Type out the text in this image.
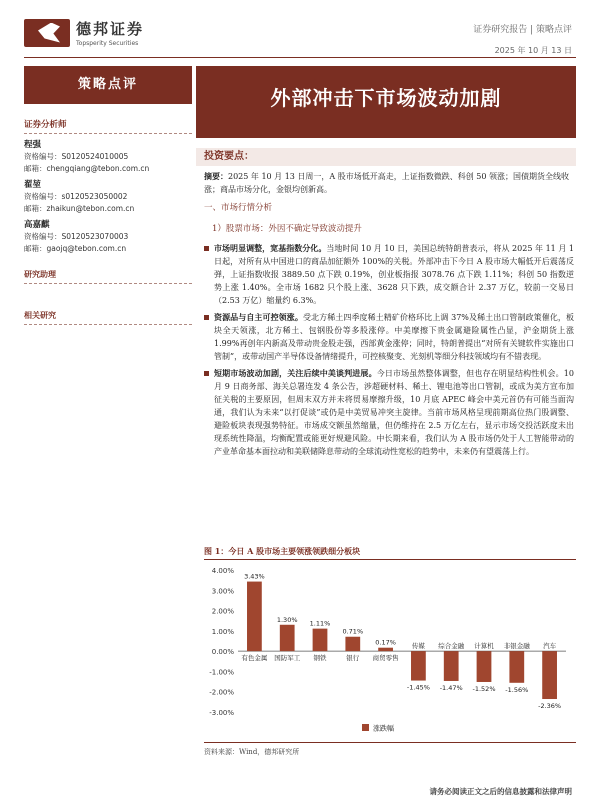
德邦证券
Topsperity Securities
证券研究报告 | 策略点评
2025 年 10 月 13 日
策略点评
外部冲击下市场波动加剧
证券分析师
程强
资格编号：S0120524010005
邮箱：chengqiang@tebon.com.cn
翟堃
资格编号：s0120523050002
邮箱：zhaikun@tebon.com.cn
高嘉麒
资格编号：S0120523070003
邮箱：gaojq@tebon.com.cn
研究助理
相关研究
投资要点：
摘要：2025 年 10 月 13 日周一，A 股市场低开高走，上证指数微跌、科创 50 领涨；国债期货全线收涨；商品市场分化，金银均创新高。
一、市场行情分析
1）股票市场：外因不确定导致波动提升
市场明显调整，宽基指数分化。当地时间 10 月 10 日，美国总统特朗普表示，将从 2025 年 11 月 1 日起，对所有从中国进口的商品加征额外 100%的关税。外部冲击下今日 A 股市场大幅低开后震荡反弹，上证指数收报 3889.50 点下跌 0.19%，创业板指报 3078.76 点下跌 1.11%；科创 50 指数逆势上涨 1.40%。全市场 1682 只个股上涨、3628 只下跌，成交额合计 2.37 万亿，较前一交易日（2.53 万亿）缩量约 6.3%。
资源品与自主可控领涨。受北方稀土四季度稀土精矿价格环比上调 37%及稀土出口管制政策催化，板块全天领涨，北方稀土、包钢股份等多股涨停。中美摩擦下贵金属避险属性凸显，沪金期货上涨 1.99%再创年内新高及带动贵金股走强，西部黄金涨停；同时，特朗普提出“对所有关键软件实施出口管制”，或带动国产半导体设备情绪提升，可控核聚变、光刻机等细分科技领域均有不错表现。
短期市场波动加剧，关注后续中美谈判进展。今日市场虽然整体调整，但也存在明显结构性机会。10 月 9 日商务部、海关总署连发 4 条公告，涉超硬材料、稀土、锂电池等出口管制，或成为美方宣布加征关税的主要原因，但周末双方并未将贸易摩擦升级，10 月底 APEC 峰会中美元首仍有可能当面沟通，我们认为未来“以打促谈”或仍是中美贸易冲突主旋律。当前市场风格呈现前期高位热门股调整、避险板块表现强势特征。市场成交额虽然缩量，但仍维持在 2.5 万亿左右，显示市场交投活跃度未出现系统性降温，均衡配置或能更好规避风险。中长期来看，我们认为 A 股市场仍处于人工智能带动的产业革命基本面拉动和美联储降息带动的全球流动性宽松的趋势中，未来仍有望震荡上行。
图 1：今日 A 股市场主要领涨领跌细分板块
4.00%
3.00%
2.00%
1.00%
0.00%
-1.00%
-2.00%
-3.00%
3.43%
有色金属
1.30%
国防军工
1.11%
钢铁
0.71%
银行
0.17%
商贸零售
-1.45%
传媒
-1.47%
综合金融
-1.52%
计算机
-1.56%
非银金融
-2.36%
汽车
涨跌幅
资料来源：Wind，德邦研究所
请务必阅读正文之后的信息披露和法律声明
